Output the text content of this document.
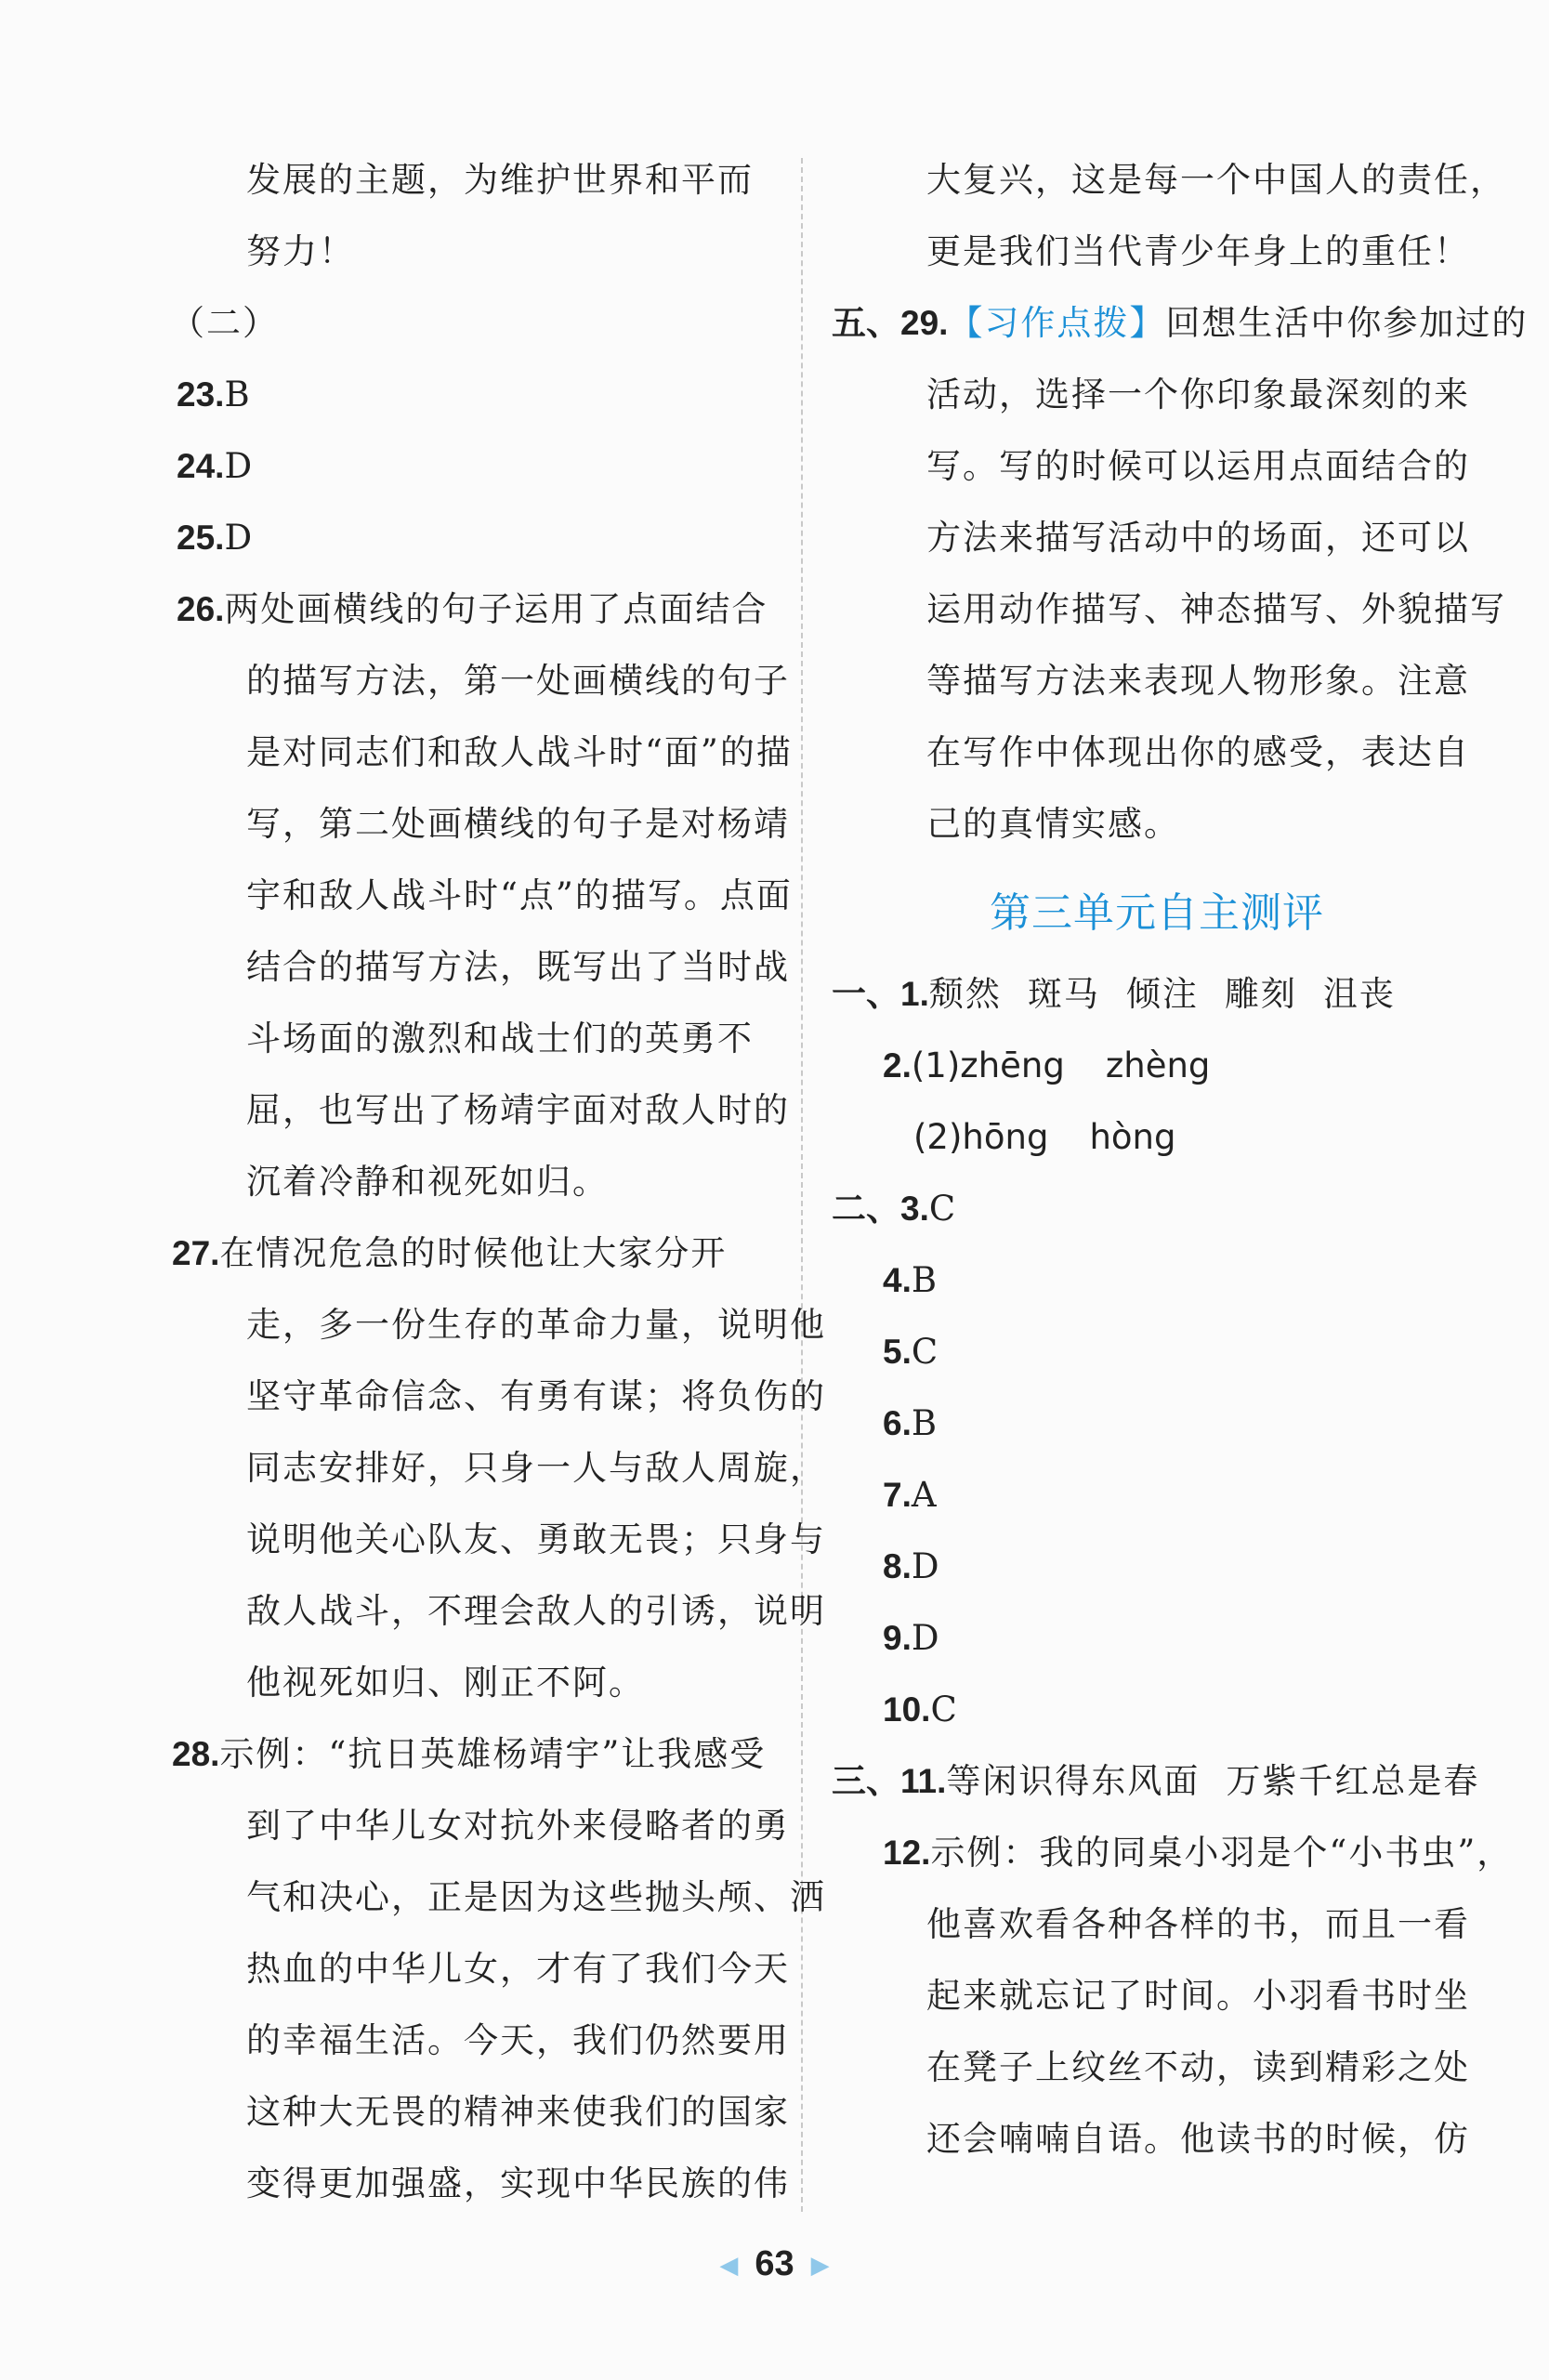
发展的主题，为维护世界和平而
努力！
（二）
23.B
24.D
25.D
26.两处画横线的句子运用了点面结合
的描写方法，第一处画横线的句子
是对同志们和敌人战斗时“面”的描
写，第二处画横线的句子是对杨靖
宇和敌人战斗时“点”的描写。点面
结合的描写方法，既写出了当时战
斗场面的激烈和战士们的英勇不
屈，也写出了杨靖宇面对敌人时的
沉着冷静和视死如归。
27.在情况危急的时候他让大家分开
走，多一份生存的革命力量，说明他
坚守革命信念、有勇有谋；将负伤的
同志安排好，只身一人与敌人周旋，
说明他关心队友、勇敢无畏；只身与
敌人战斗，不理会敌人的引诱，说明
他视死如归、刚正不阿。
28.示例：“抗日英雄杨靖宇”让我感受
到了中华儿女对抗外来侵略者的勇
气和决心，正是因为这些抛头颅、洒
热血的中华儿女，才有了我们今天
的幸福生活。今天，我们仍然要用
这种大无畏的精神来使我们的国家
变得更加强盛，实现中华民族的伟
大复兴，这是每一个中国人的责任，
更是我们当代青少年身上的重任！
五、29.【习作点拨】回想生活中你参加过的
活动，选择一个你印象最深刻的来
写。写的时候可以运用点面结合的
方法来描写活动中的场面，还可以
运用动作描写、神态描写、外貌描写
等描写方法来表现人物形象。注意
在写作中体现出你的感受，表达自
己的真情实感。
第三单元自主测评
一、1.颓然 斑马 倾注 雕刻 沮丧
2.(1)zhēng zhèng
(2)hōng hòng
二、3.C
4.B
5.C
6.B
7.A
8.D
9.D
10.C
三、11.等闲识得东风面 万紫千红总是春
12.示例：我的同桌小羽是个“小书虫”，
他喜欢看各种各样的书，而且一看
起来就忘记了时间。小羽看书时坐
在凳子上纹丝不动，读到精彩之处
还会喃喃自语。他读书的时候，仿
◀ 63 ▶
